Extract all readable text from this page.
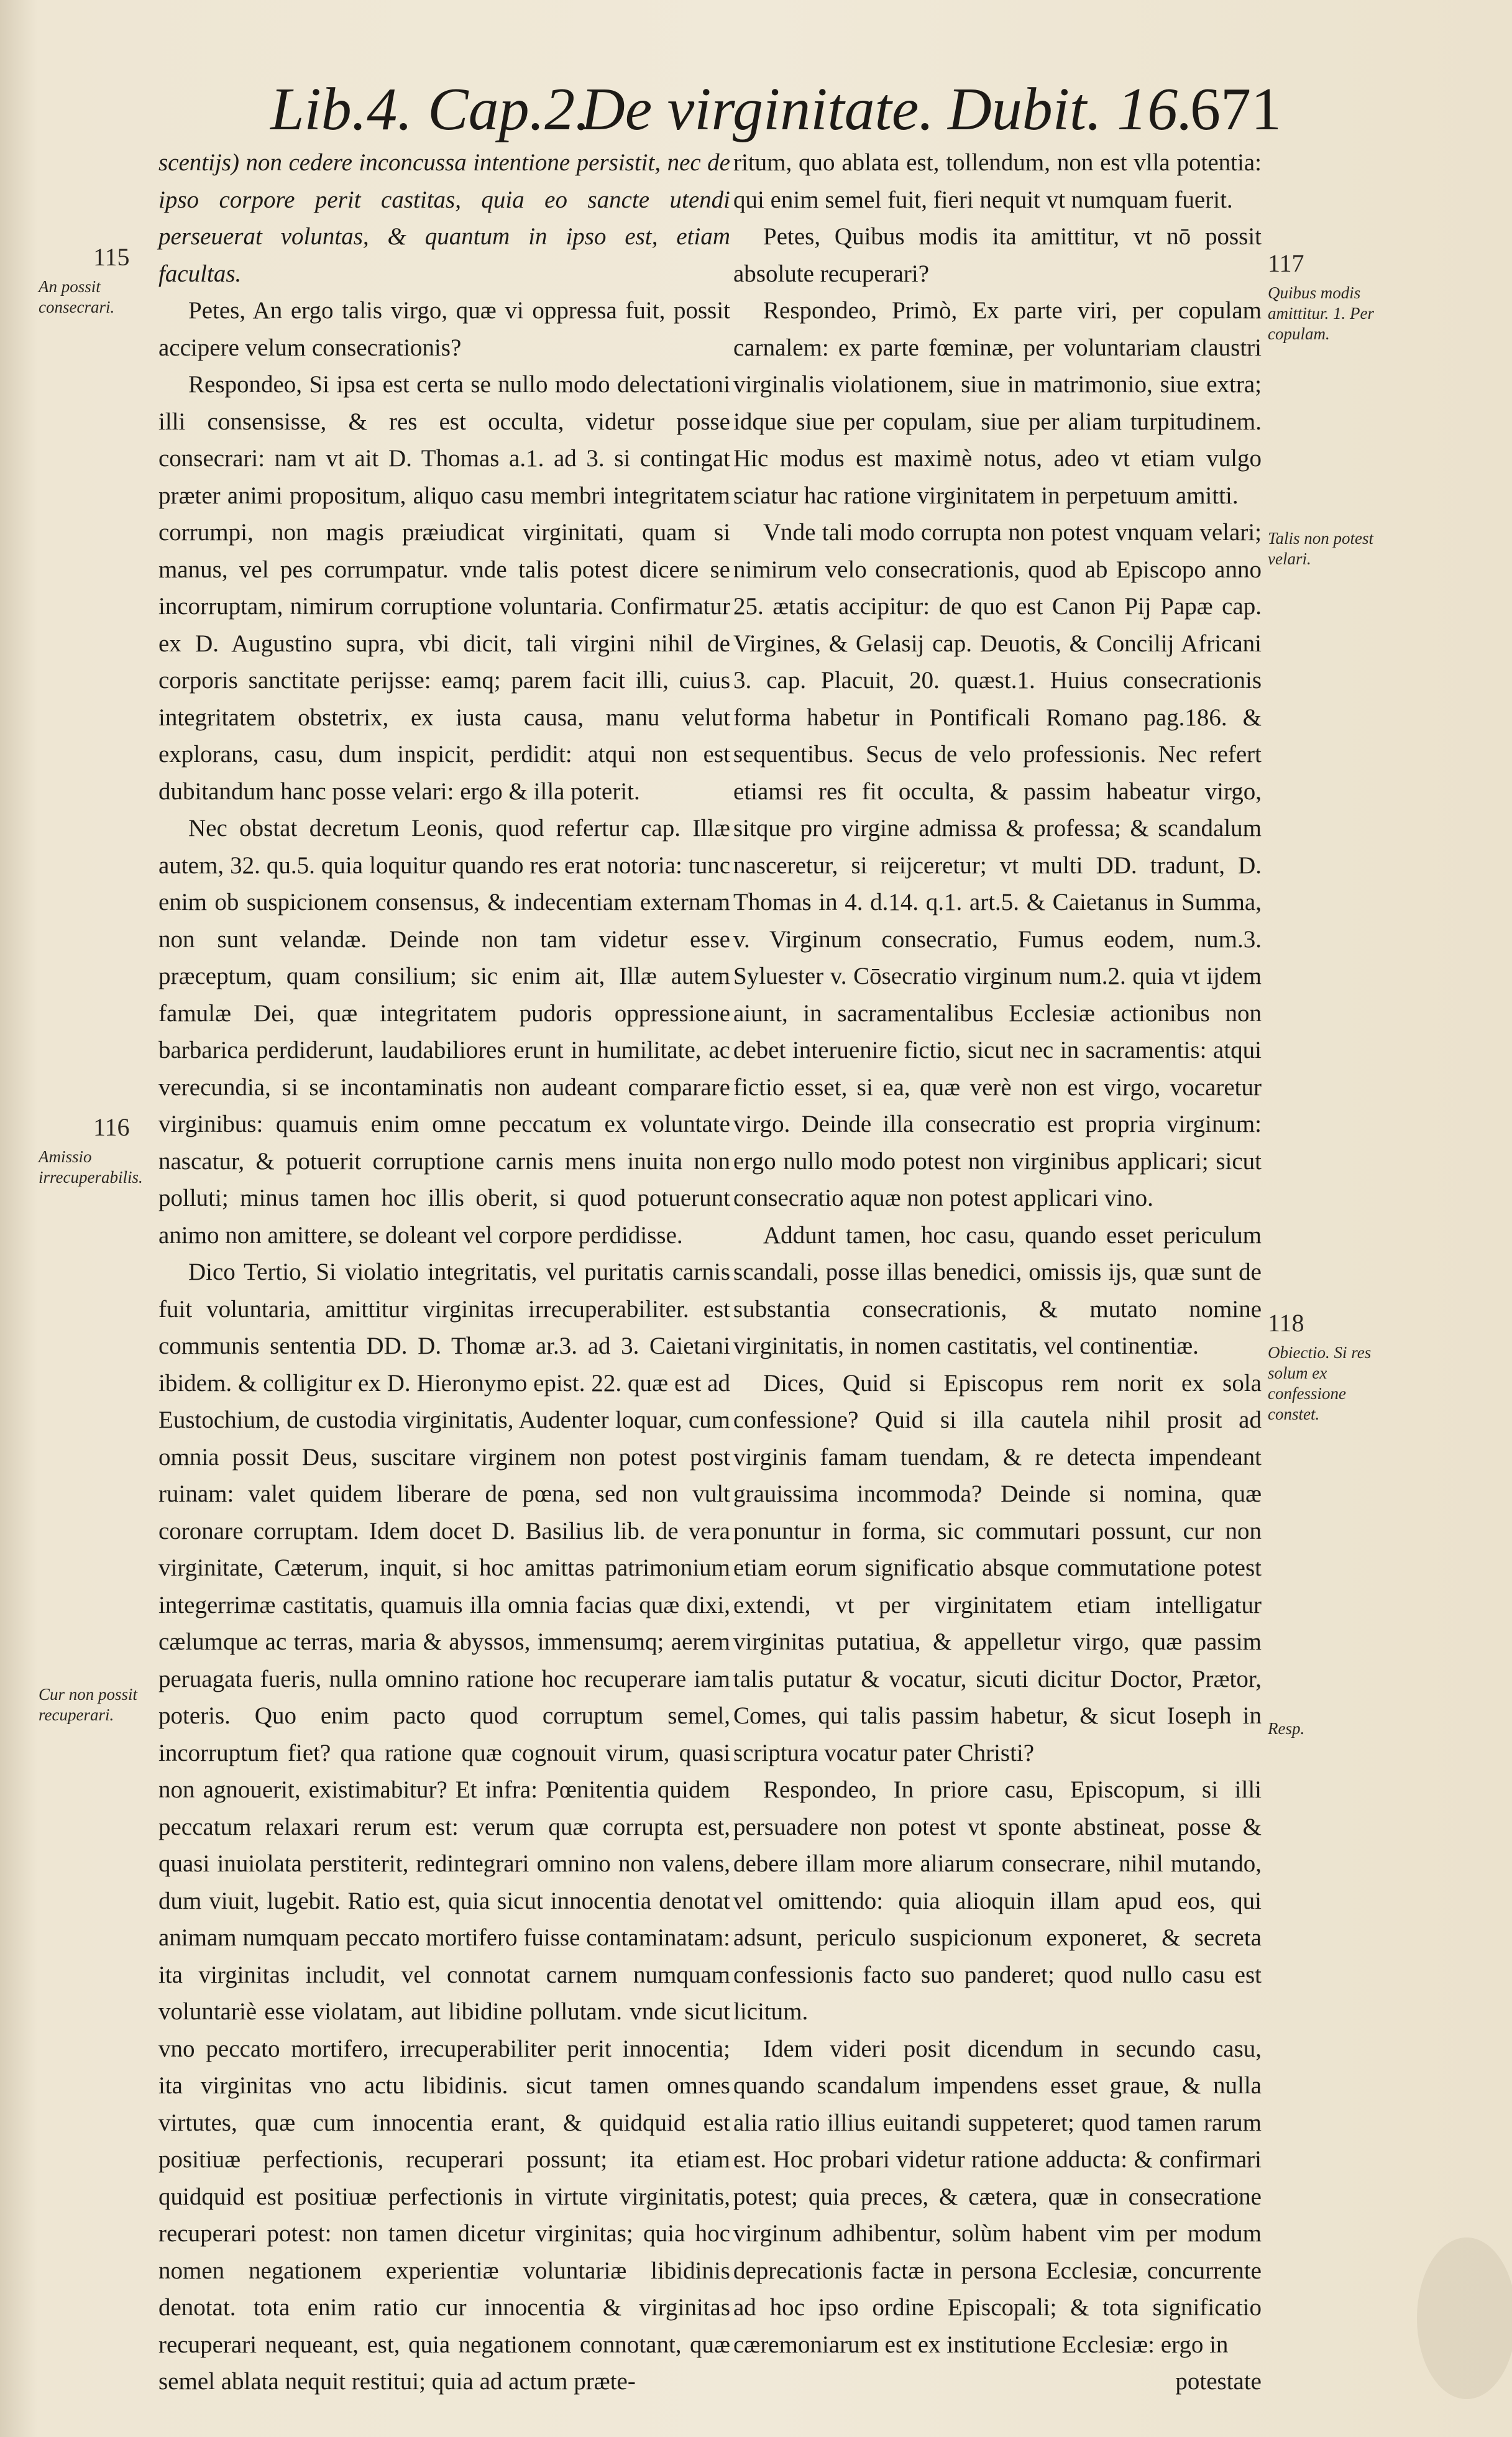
Lib.4. Cap.2.
De virginitate. Dubit. 16.
671
115
An possit consecrari.
116
Amissio irrecuperabilis.
Cur non possit recuperari.
117
Quibus modis amittitur. 1. Per copulam.
Talis non potest velari.
118
Obiectio. Si res solum ex confessione constet.
Resp.

scentijs) non cedere inconcussa intentione persistit, nec de ipso corpore perit castitas, quia eo sancte utendi perseuerat voluntas, & quantum in ipso est, etiam facultas.

Petes, An ergo talis virgo, quæ vi oppressa fuit, possit accipere velum consecrationis?

Respondeo, Si ipsa est certa se nullo modo delectationi illi consensisse, & res est occulta, videtur posse consecrari: nam vt ait D. Thomas a.1. ad 3. si contingat præter animi propositum, aliquo casu membri integritatem corrumpi, non magis præiudicat virginitati, quam si manus, vel pes corrumpatur. vnde talis potest dicere se incorruptam, nimirum corruptione voluntaria. Confirmatur ex D. Augustino supra, vbi dicit, tali virgini nihil de corporis sanctitate perijsse: eamq; parem facit illi, cuius integritatem obstetrix, ex iusta causa, manu velut explorans, casu, dum inspicit, perdidit: atqui non est dubitandum hanc posse velari: ergo & illa poterit.

Nec obstat decretum Leonis, quod refertur cap. Illæ autem, 32. qu.5. quia loquitur quando res erat notoria: tunc enim ob suspicionem consensus, & indecentiam externam non sunt velandæ. Deinde non tam videtur esse præceptum, quam consilium; sic enim ait, Illæ autem famulæ Dei, quæ integritatem pudoris oppressione barbarica perdiderunt, laudabiliores erunt in humilitate, ac verecundia, si se incontaminatis non audeant comparare virginibus: quamuis enim omne peccatum ex voluntate nascatur, & potuerit corruptione carnis mens inuita non polluti; minus tamen hoc illis oberit, si quod potuerunt animo non amittere, se doleant vel corpore perdidisse.

Dico Tertio, Si violatio integritatis, vel puritatis carnis fuit voluntaria, amittitur virginitas irrecuperabiliter. est communis sententia DD. D. Thomæ ar.3. ad 3. Caietani ibidem. & colligitur ex D. Hieronymo epist. 22. quæ est ad Eustochium, de custodia virginitatis, Audenter loquar, cum omnia possit Deus, suscitare virginem non potest post ruinam: valet quidem liberare de pœna, sed non vult coronare corruptam. Idem docet D. Basilius lib. de vera virginitate, Cæterum, inquit, si hoc amittas patrimonium integerrimæ castitatis, quamuis illa omnia facias quæ dixi, cælumque ac terras, maria & abyssos, immensumq; aerem peruagata fueris, nulla omnino ratione hoc recuperare iam poteris. Quo enim pacto quod corruptum semel, incorruptum fiet? qua ratione quæ cognouit virum, quasi non agnouerit, existimabitur? Et infra: Pœnitentia quidem peccatum relaxari rerum est: verum quæ corrupta est, quasi inuiolata perstiterit, redintegrari omnino non valens, dum viuit, lugebit. Ratio est, quia sicut innocentia denotat animam numquam peccato mortifero fuisse contaminatam: ita virginitas includit, vel connotat carnem numquam voluntariè esse violatam, aut libidine pollutam. vnde sicut vno peccato mortifero, irrecuperabiliter perit innocentia; ita virginitas vno actu libidinis. sicut tamen omnes virtutes, quæ cum innocentia erant, & quidquid est positiuæ perfectionis, recuperari possunt; ita etiam quidquid est positiuæ perfectionis in virtute virginitatis, recuperari potest: non tamen dicetur virginitas; quia hoc nomen negationem experientiæ voluntariæ libidinis denotat. tota enim ratio cur innocentia & virginitas recuperari nequeant, est, quia negationem connotant, quæ semel ablata nequit restitui; quia ad actum præte-

ritum, quo ablata est, tollendum, non est vlla potentia: qui enim semel fuit, fieri nequit vt numquam fuerit.

Petes, Quibus modis ita amittitur, vt nō possit absolute recuperari?

Respondeo, Primò, Ex parte viri, per copulam carnalem: ex parte fœminæ, per voluntariam claustri virginalis violationem, siue in matrimonio, siue extra; idque siue per copulam, siue per aliam turpitudinem. Hic modus est maximè notus, adeo vt etiam vulgo sciatur hac ratione virginitatem in perpetuum amitti.

Vnde tali modo corrupta non potest vnquam velari; nimirum velo consecrationis, quod ab Episcopo anno 25. ætatis accipitur: de quo est Canon Pij Papæ cap. Virgines, & Gelasij cap. Deuotis, & Concilij Africani 3. cap. Placuit, 20. quæst.1. Huius consecrationis forma habetur in Pontificali Romano pag.186. & sequentibus. Secus de velo professionis. Nec refert etiamsi res fit occulta, & passim habeatur virgo, sitque pro virgine admissa & professa; & scandalum nasceretur, si reijceretur; vt multi DD. tradunt, D. Thomas in 4. d.14. q.1. art.5. & Caietanus in Summa, v. Virginum consecratio, Fumus eodem, num.3. Syluester v. Cōsecratio virginum num.2. quia vt ijdem aiunt, in sacramentalibus Ecclesiæ actionibus non debet interuenire fictio, sicut nec in sacramentis: atqui fictio esset, si ea, quæ verè non est virgo, vocaretur virgo. Deinde illa consecratio est propria virginum: ergo nullo modo potest non virginibus applicari; sicut consecratio aquæ non potest applicari vino.

Addunt tamen, hoc casu, quando esset periculum scandali, posse illas benedici, omissis ijs, quæ sunt de substantia consecrationis, & mutato nomine virginitatis, in nomen castitatis, vel continentiæ.

Dices, Quid si Episcopus rem norit ex sola confessione? Quid si illa cautela nihil prosit ad virginis famam tuendam, & re detecta impendeant grauissima incommoda? Deinde si nomina, quæ ponuntur in forma, sic commutari possunt, cur non etiam eorum significatio absque commutatione potest extendi, vt per virginitatem etiam intelligatur virginitas putatiua, & appelletur virgo, quæ passim talis putatur & vocatur, sicuti dicitur Doctor, Prætor, Comes, qui talis passim habetur, & sicut Ioseph in scriptura vocatur pater Christi?

Respondeo, In priore casu, Episcopum, si illi persuadere non potest vt sponte abstineat, posse & debere illam more aliarum consecrare, nihil mutando, vel omittendo: quia alioquin illam apud eos, qui adsunt, periculo suspicionum exponeret, & secreta confessionis facto suo panderet; quod nullo casu est licitum.

Idem videri posit dicendum in secundo casu, quando scandalum impendens esset graue, & nulla alia ratio illius euitandi suppeteret; quod tamen rarum est. Hoc probari videtur ratione adducta: & confirmari potest; quia preces, & cætera, quæ in consecratione virginum adhibentur, solùm habent vim per modum deprecationis factæ in persona Ecclesiæ, concurrente ad hoc ipso ordine Episcopali; & tota significatio cæremoniarum est ex institutione Ecclesiæ: ergo in

potestate
